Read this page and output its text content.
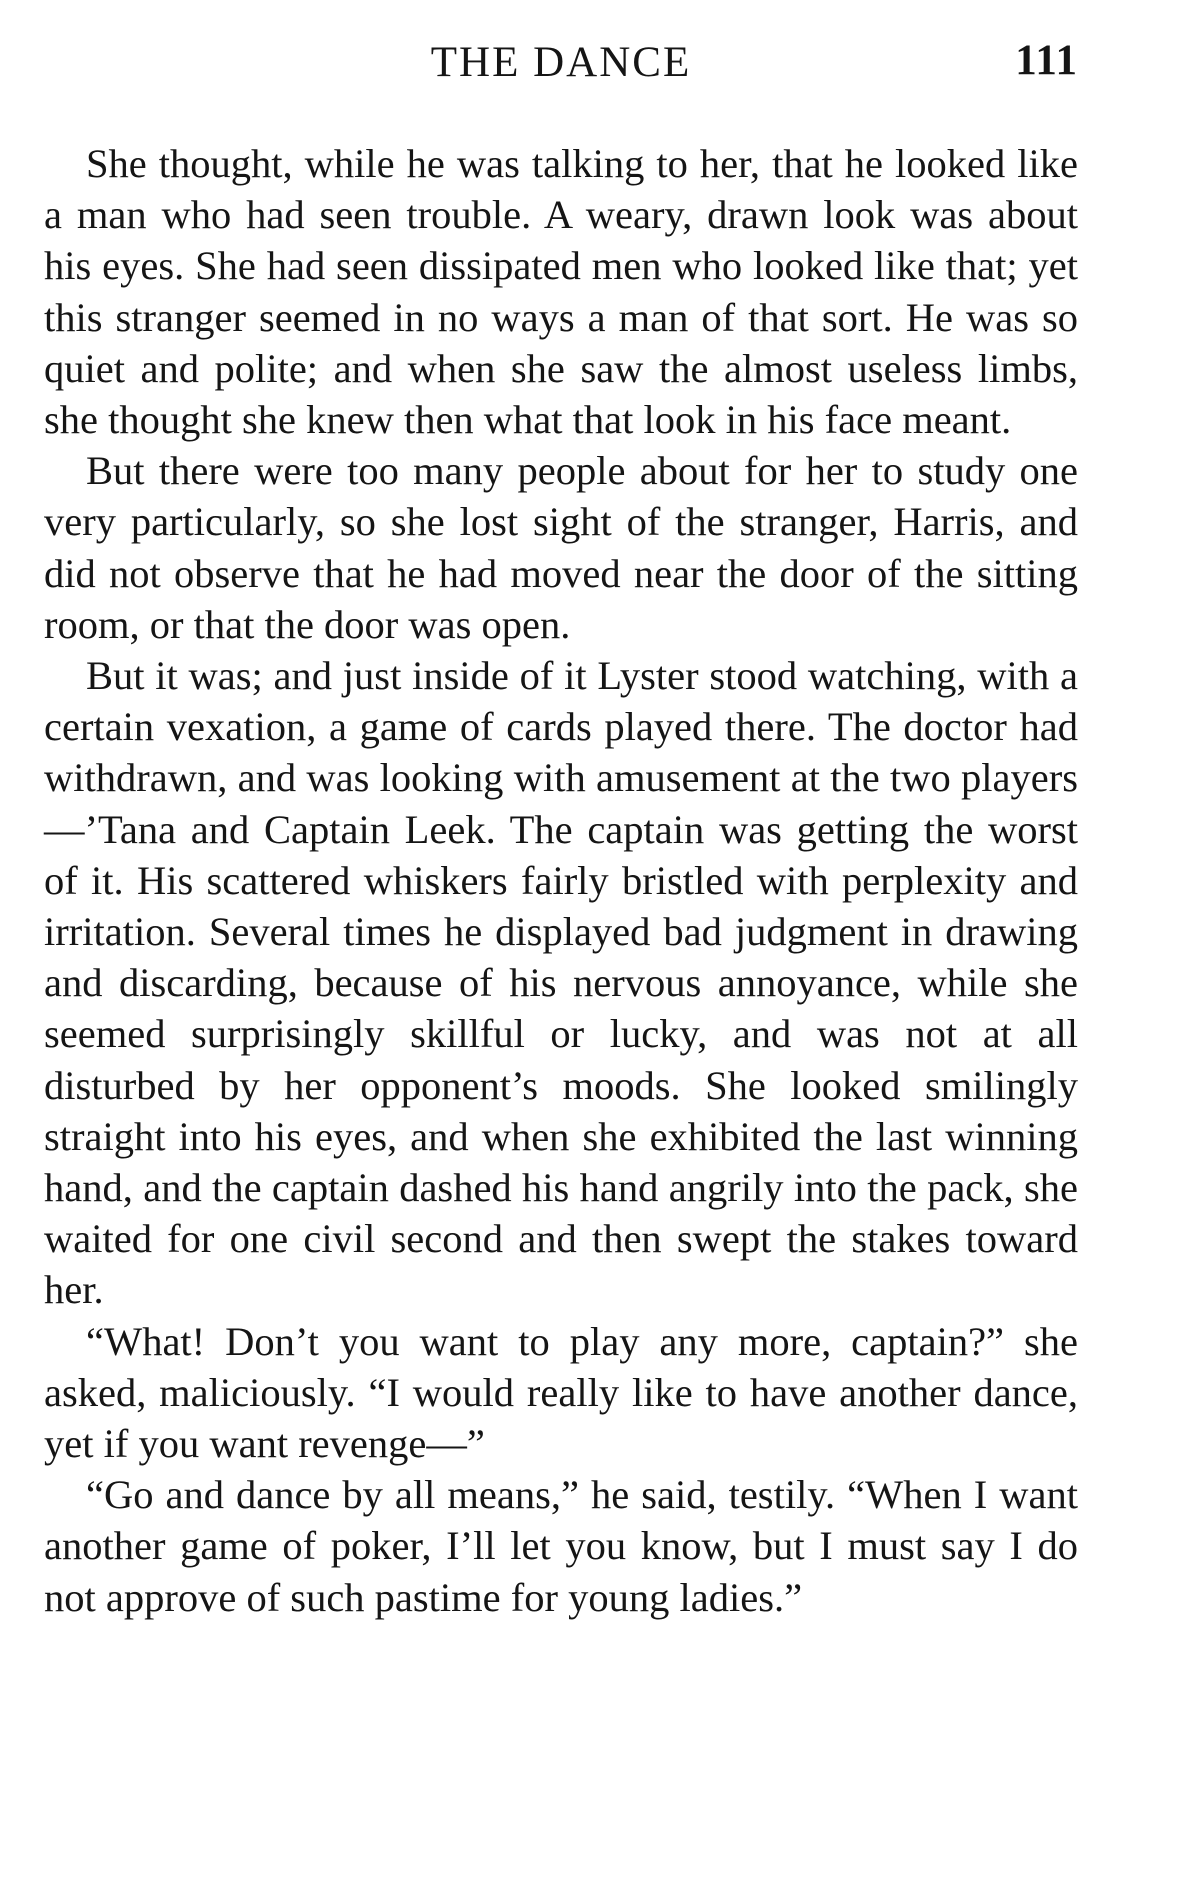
THE DANCE	111

She thought, while he was talking to her, that he looked like a man who had seen trouble. A weary, drawn look was about his eyes. She had seen dissipated men who looked like that; yet this stranger seemed in no ways a man of that sort. He was so quiet and polite; and when she saw the almost useless limbs, she thought she knew then what that look in his face meant.

But there were too many people about for her to study one very particularly, so she lost sight of the stranger, Harris, and did not observe that he had moved near the door of the sitting room, or that the door was open.

But it was; and just inside of it Lyster stood watching, with a certain vexation, a game of cards played there. The doctor had withdrawn, and was looking with amusement at the two players—’Tana and Captain Leek. The captain was getting the worst of it. His scattered whiskers fairly bristled with perplexity and irritation. Several times he displayed bad judgment in drawing and discarding, because of his nervous annoyance, while she seemed surprisingly skillful or lucky, and was not at all disturbed by her opponent’s moods. She looked smilingly straight into his eyes, and when she exhibited the last winning hand, and the captain dashed his hand angrily into the pack, she waited for one civil second and then swept the stakes toward her.

“What! Don’t you want to play any more, captain?” she asked, maliciously. “I would really like to have another dance, yet if you want revenge—”

“Go and dance by all means,” he said, testily. “When I want another game of poker, I’ll let you know, but I must say I do not approve of such pastime for young ladies.”
